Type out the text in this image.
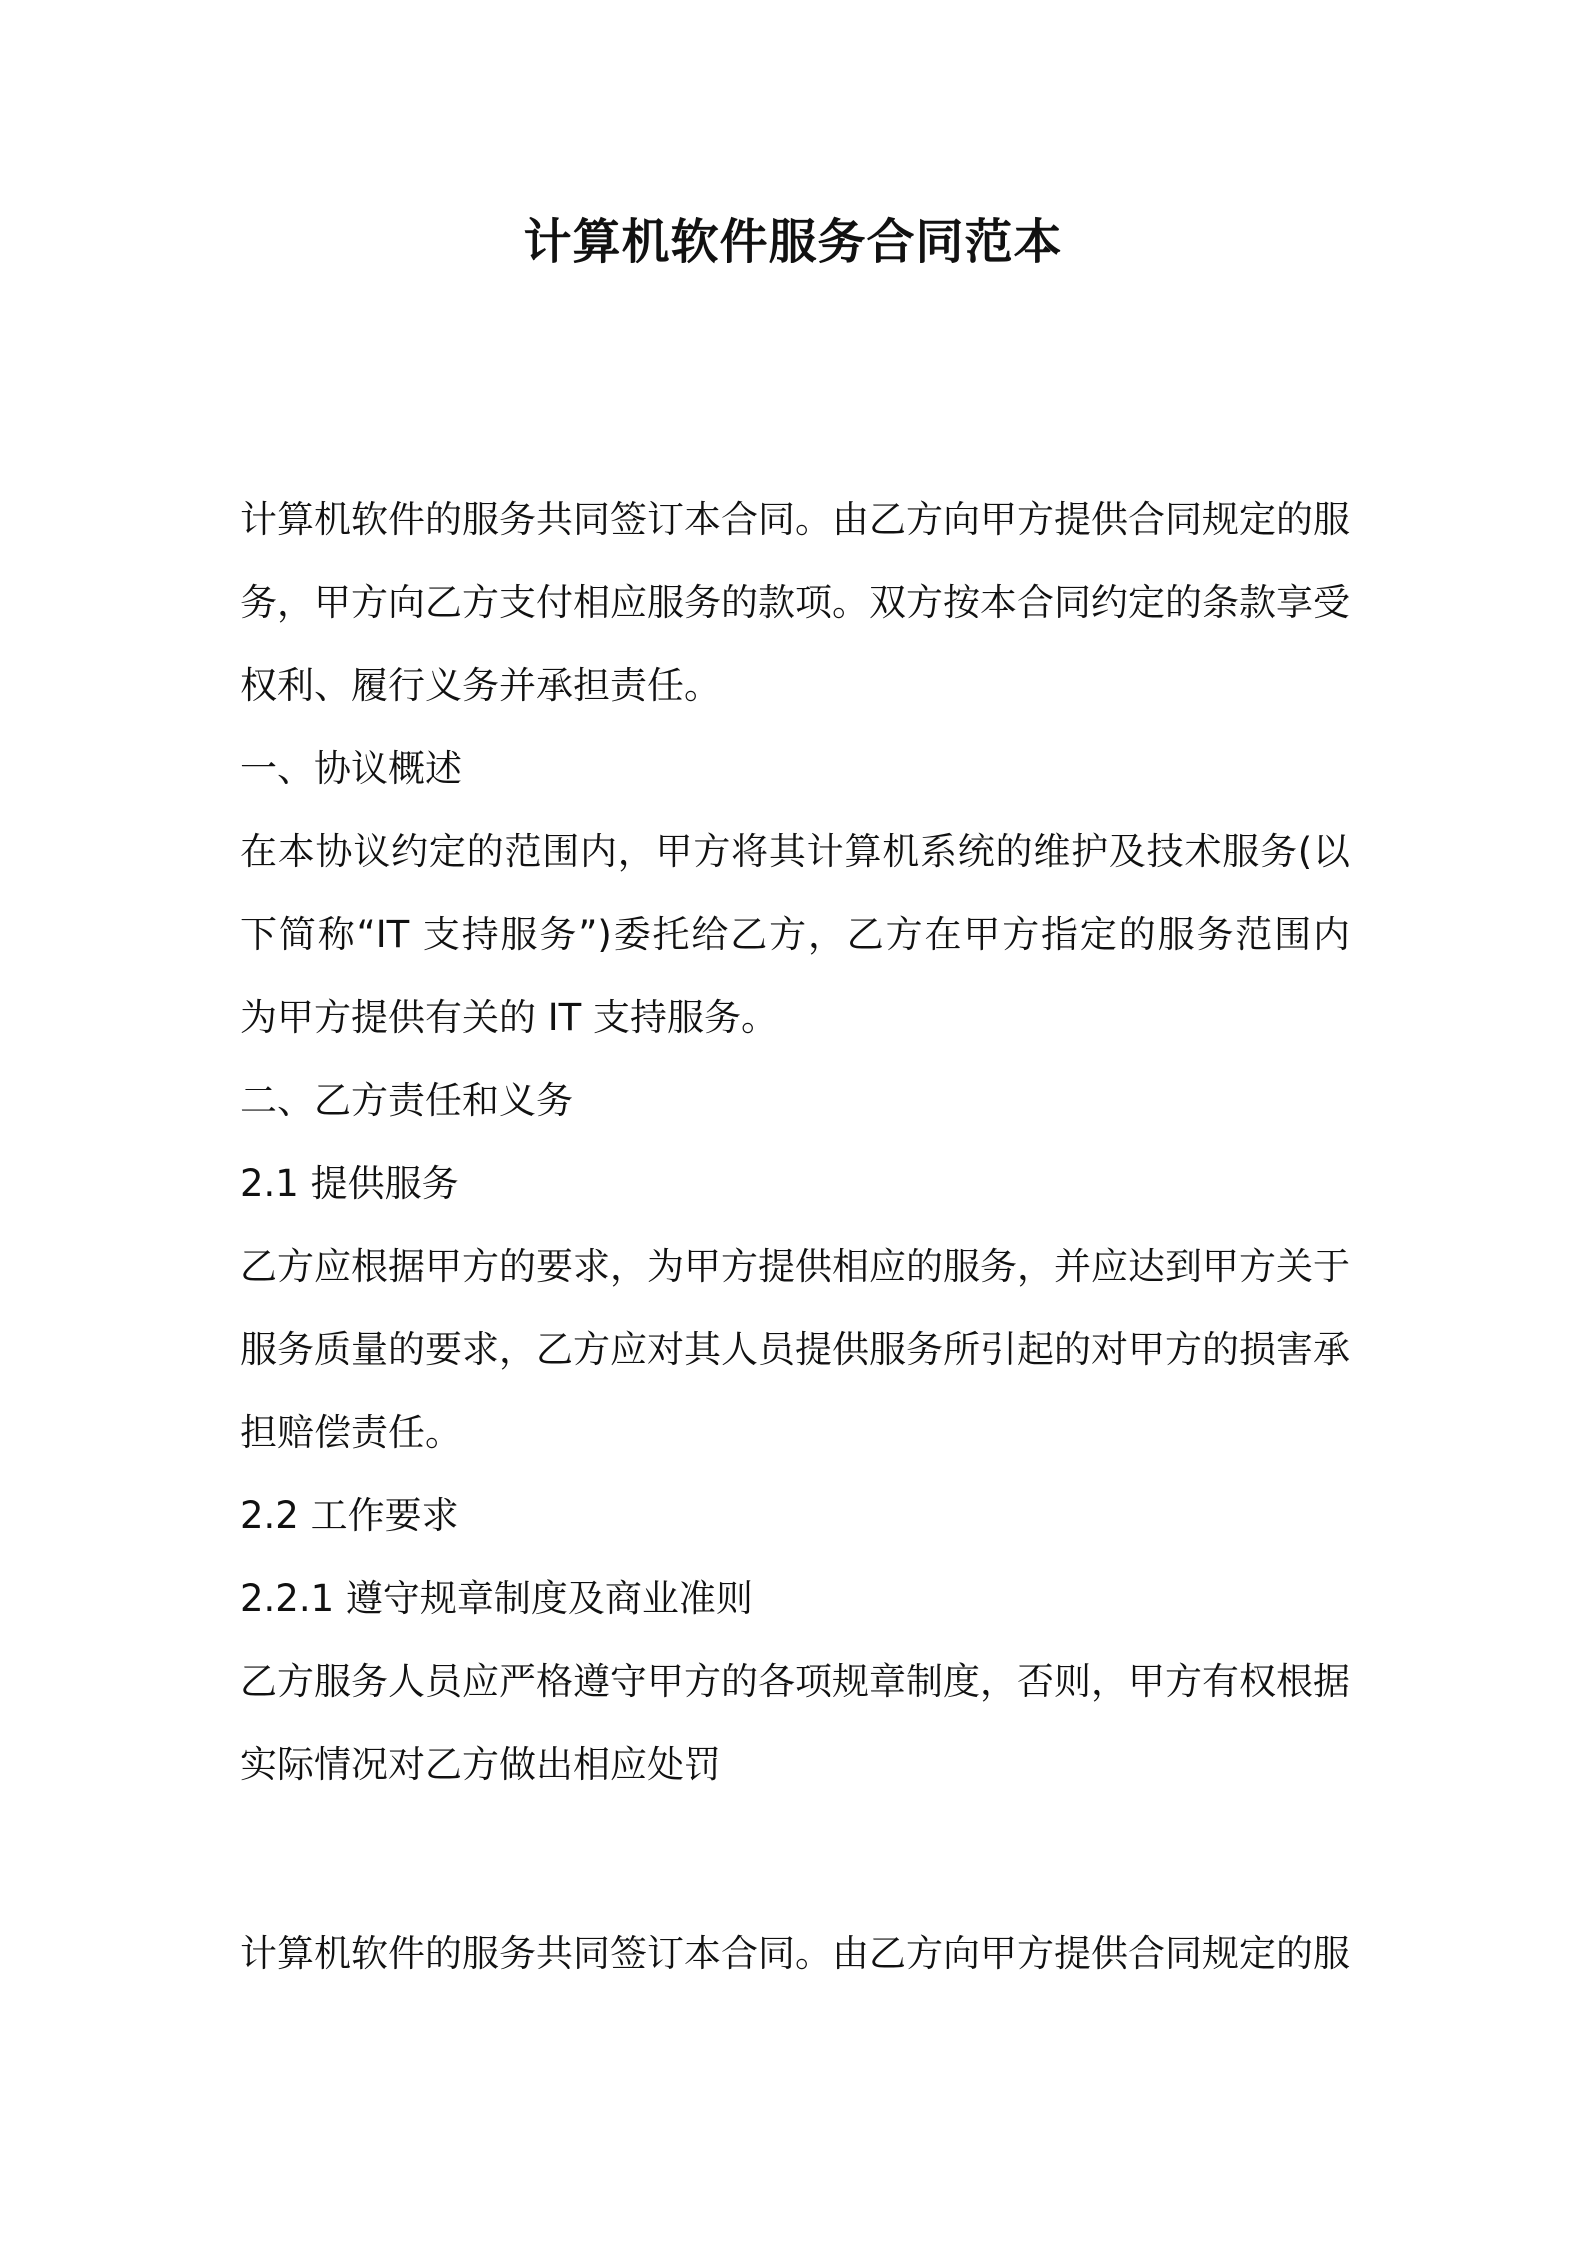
计算机软件服务合同范本
计算机软件的服务共同签订本合同。由乙方向甲方提供合同规定的服
务，甲方向乙方支付相应服务的款项。双方按本合同约定的条款享受
权利、履行义务并承担责任。
一、协议概述
在本协议约定的范围内，甲方将其计算机系统的维护及技术服务(以
下简称“IT 支持服务”)委托给乙方，乙方在甲方指定的服务范围内
为甲方提供有关的 IT 支持服务。
二、乙方责任和义务
2.1 提供服务
乙方应根据甲方的要求，为甲方提供相应的服务，并应达到甲方关于
服务质量的要求，乙方应对其人员提供服务所引起的对甲方的损害承
担赔偿责任。
2.2 工作要求
2.2.1 遵守规章制度及商业准则
乙方服务人员应严格遵守甲方的各项规章制度，否则，甲方有权根据
实际情况对乙方做出相应处罚
计算机软件的服务共同签订本合同。由乙方向甲方提供合同规定的服
